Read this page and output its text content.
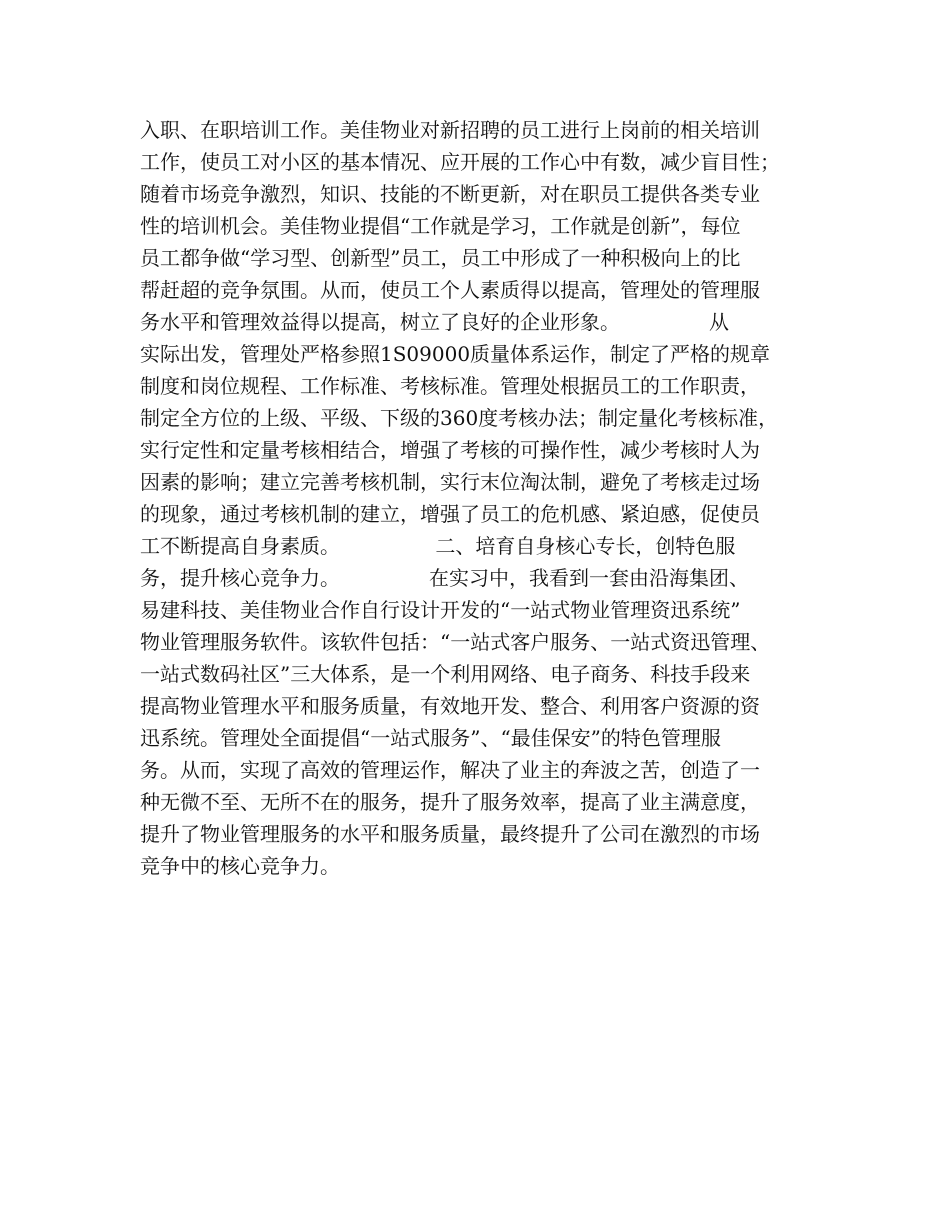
入职、在职培训工作。美佳物业对新招聘的员工进行上岗前的相关培训
工作，使员工对小区的基本情况、应开展的工作心中有数，减少盲目性；
随着市场竞争激烈，知识、技能的不断更新，对在职员工提供各类专业
性的培训机会。美佳物业提倡“工作就是学习，工作就是创新”，每位
员工都争做“学习型、创新型”员工，员工中形成了一种积极向上的比
帮赶超的竞争氛围。从而，使员工个人素质得以提高，管理处的管理服
务水平和管理效益得以提高，树立了良好的企业形象。              从
实际出发，管理处严格参照1S09000质量体系运作，制定了严格的规章
制度和岗位规程、工作标准、考核标准。管理处根据员工的工作职责，
制定全方位的上级、平级、下级的360度考核办法；制定量化考核标准，
实行定性和定量考核相结合，增强了考核的可操作性，减少考核时人为
因素的影响；建立完善考核机制，实行末位淘汰制，避免了考核走过场
的现象，通过考核机制的建立，增强了员工的危机感、紧迫感，促使员
工不断提高自身素质。               二、培育自身核心专长，创特色服
务，提升核心竞争力。              在实习中，我看到一套由沿海集团、
易建科技、美佳物业合作自行设计开发的“一站式物业管理资迅系统”
物业管理服务软件。该软件包括：“一站式客户服务、一站式资迅管理、
一站式数码社区”三大体系，是一个利用网络、电子商务、科技手段来
提高物业管理水平和服务质量，有效地开发、整合、利用客户资源的资
迅系统。管理处全面提倡“一站式服务”、“最佳保安”的特色管理服
务。从而，实现了高效的管理运作，解决了业主的奔波之苦，创造了一
种无微不至、无所不在的服务，提升了服务效率，提高了业主满意度，
提升了物业管理服务的水平和服务质量，最终提升了公司在激烈的市场
竞争中的核心竞争力。
